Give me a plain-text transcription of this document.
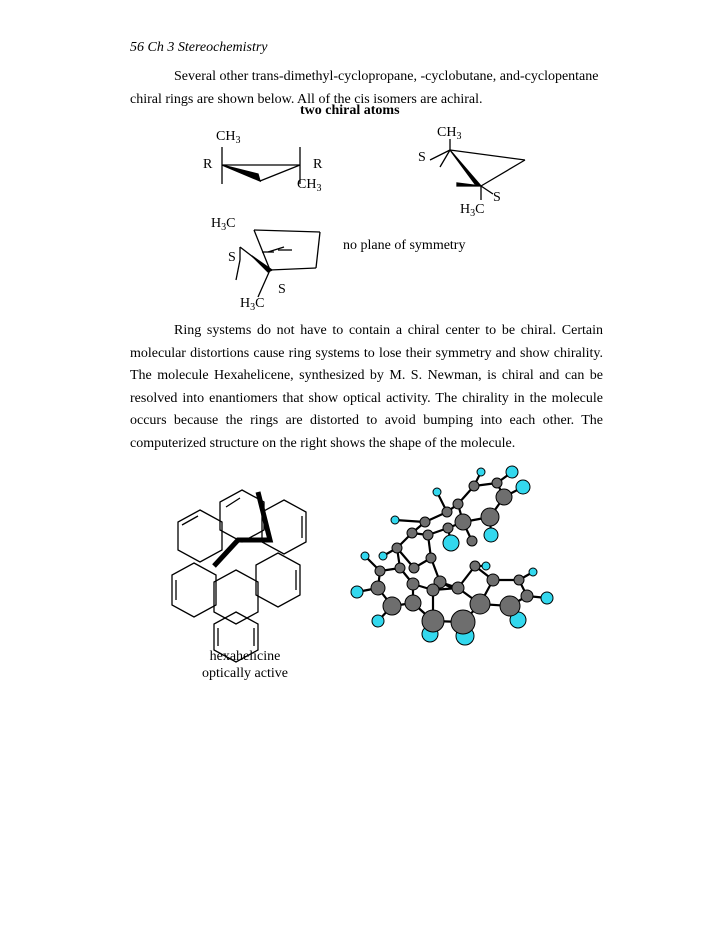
56 Ch 3 Stereochemistry
Several other trans-dimethyl-cyclopropane, -cyclobutane, and-cyclopentane
chiral rings are shown below. All of the cis isomers are achiral.
two chiral atoms
$CH_3$
R	R
$CH_3$
$CH_3$
S
S
$H_3C$
$H_3C$
S
S
$H_3C$
no plane of symmetry
Ring systems do not have to contain a chiral center to be chiral. Certain molecular distortions cause ring systems to lose their symmetry and show chirality. The molecule Hexahelicene, synthesized by M. S. Newman, is chiral and can be resolved into enantiomers that show optical activity. The chirality in the molecule occurs because the rings are distorted to avoid bumping into each other. The computerized structure on the right shows the shape of the molecule.
hexahelicine
optically active
